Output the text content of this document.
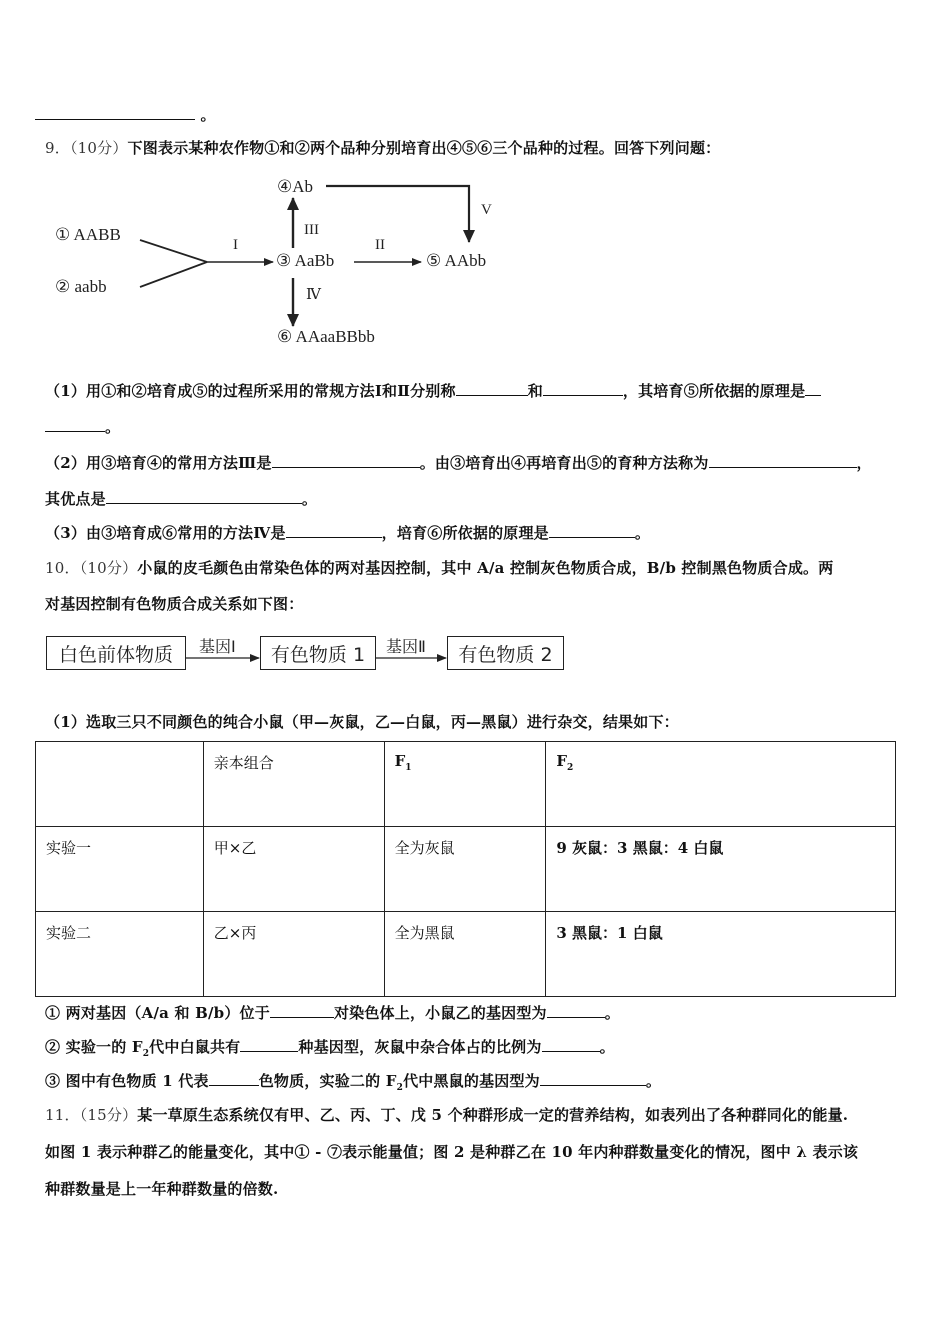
。
9．（10分）下图表示某种农作物①和②两个品种分别培育出④⑤⑥三个品种的过程。回答下列问题：
① AABB
② aabb
③ AaBb
④Ab
⑤ AAbb
⑥ AAaaBBbb
I	II
III
Ⅳ
V
（1）用①和②培育成⑤的过程所采用的常规方法Ⅰ和Ⅱ分别称	和	，其培育⑤所依据的原理是
。
（2）用③培育④的常用方法Ⅲ是	。由③培育出④再培育出⑤的育种方法称为	，
其优点是	。
（3）由③培育成⑥常用的方法Ⅳ是	，培育⑥所依据的原理是	。
10．（10分）小鼠的皮毛颜色由常染色体的两对基因控制，其中 A/a 控制灰色物质合成，B/b 控制黑色物质合成。两
对基因控制有色物质合成关系如下图：
白色前体物质	基因Ⅰ	有色物质 1	基因Ⅱ	有色物质 2
（1）选取三只不同颜色的纯合小鼠（甲—灰鼠，乙—白鼠，丙—黑鼠）进行杂交，结果如下：
	亲本组合	$F_1$	$F_2$
实验一	甲×乙	全为灰鼠	9 灰鼠：3 黑鼠：4 白鼠
实验二	乙×丙	全为黑鼠	3 黑鼠：1 白鼠
① 两对基因（A/a 和 B/b）位于	对染色体上，小鼠乙的基因型为	。
② 实验一的 $F_2$代中白鼠共有	种基因型，灰鼠中杂合体占的比例为	。
③ 图中有色物质 1 代表	色物质，实验二的 $F_2$代中黑鼠的基因型为	。
11．（15分）某一草原生态系统仅有甲、乙、丙、丁、戊 5 个种群形成一定的营养结构，如表列出了各种群同化的能量.
如图 1 表示种群乙的能量变化，其中① - ⑦表示能量值；图 2 是种群乙在 10 年内种群数量变化的情况，图中 λ 表示该
种群数量是上一年种群数量的倍数.
